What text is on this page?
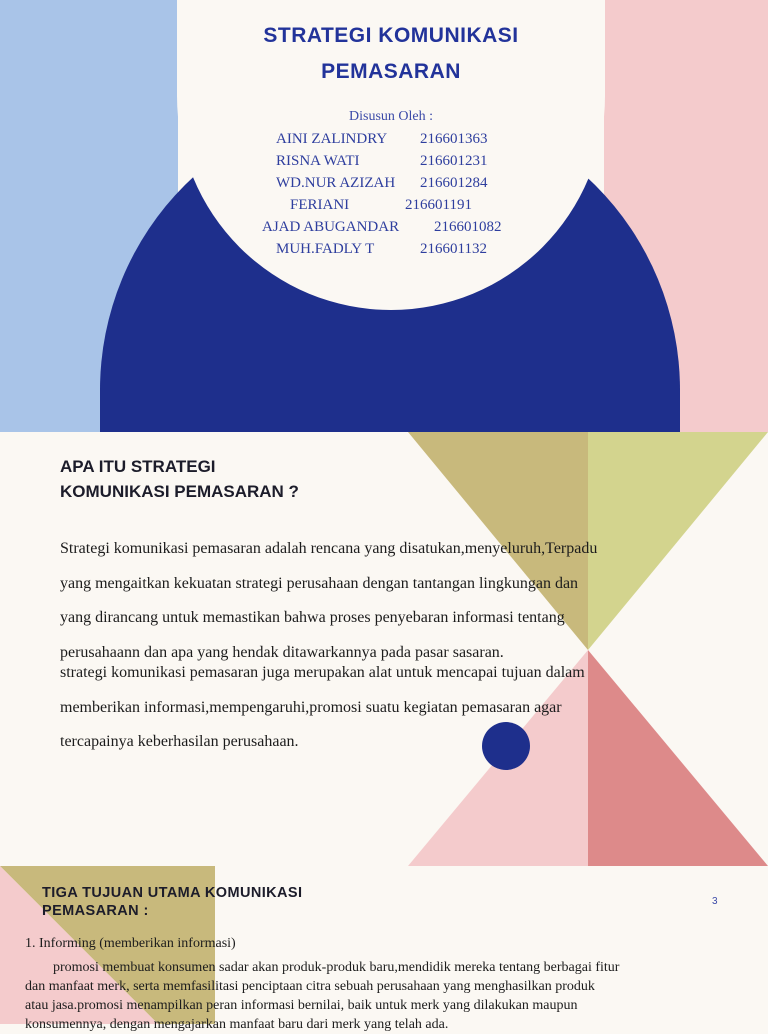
STRATEGI KOMUNIKASI
PEMASARAN
Disusun Oleh :
AINI ZALINDRY 216601363
RISNA WATI	216601231
WD.NUR AZIZAH 216601284
FERIANI	216601191
AJAD ABUGANDAR 216601082
MUH.FADLY T	216601132
APA ITU STRATEGI
KOMUNIKASI PEMASARAN ?

Strategi komunikasi pemasaran adalah rencana yang disatukan,menyeluruh,Terpadu
yang mengaitkan kekuatan strategi perusahaan dengan tantangan lingkungan dan
yang dirancang untuk memastikan bahwa proses penyebaran informasi tentang
perusahaann dan apa yang hendak ditawarkannya pada pasar sasaran.
strategi komunikasi pemasaran juga merupakan alat untuk mencapai tujuan dalam
memberikan informasi,mempengaruhi,promosi suatu kegiatan pemasaran agar
tercapainya keberhasilan perusahaan.

TIGA TUJUAN UTAMA KOMUNIKASI
PEMASARAN :
3
1. Informing (memberikan informasi)
promosi membuat konsumen sadar akan produk-produk baru,mendidik mereka tentang berbagai fitur
dan manfaat merk, serta memfasilitasi penciptaan citra sebuah perusahaan yang menghasilkan produk
atau jasa.promosi menampilkan peran informasi bernilai, baik untuk merk yang dilakukan maupun
konsumennya, dengan mengajarkan manfaat baru dari merk yang telah ada.
